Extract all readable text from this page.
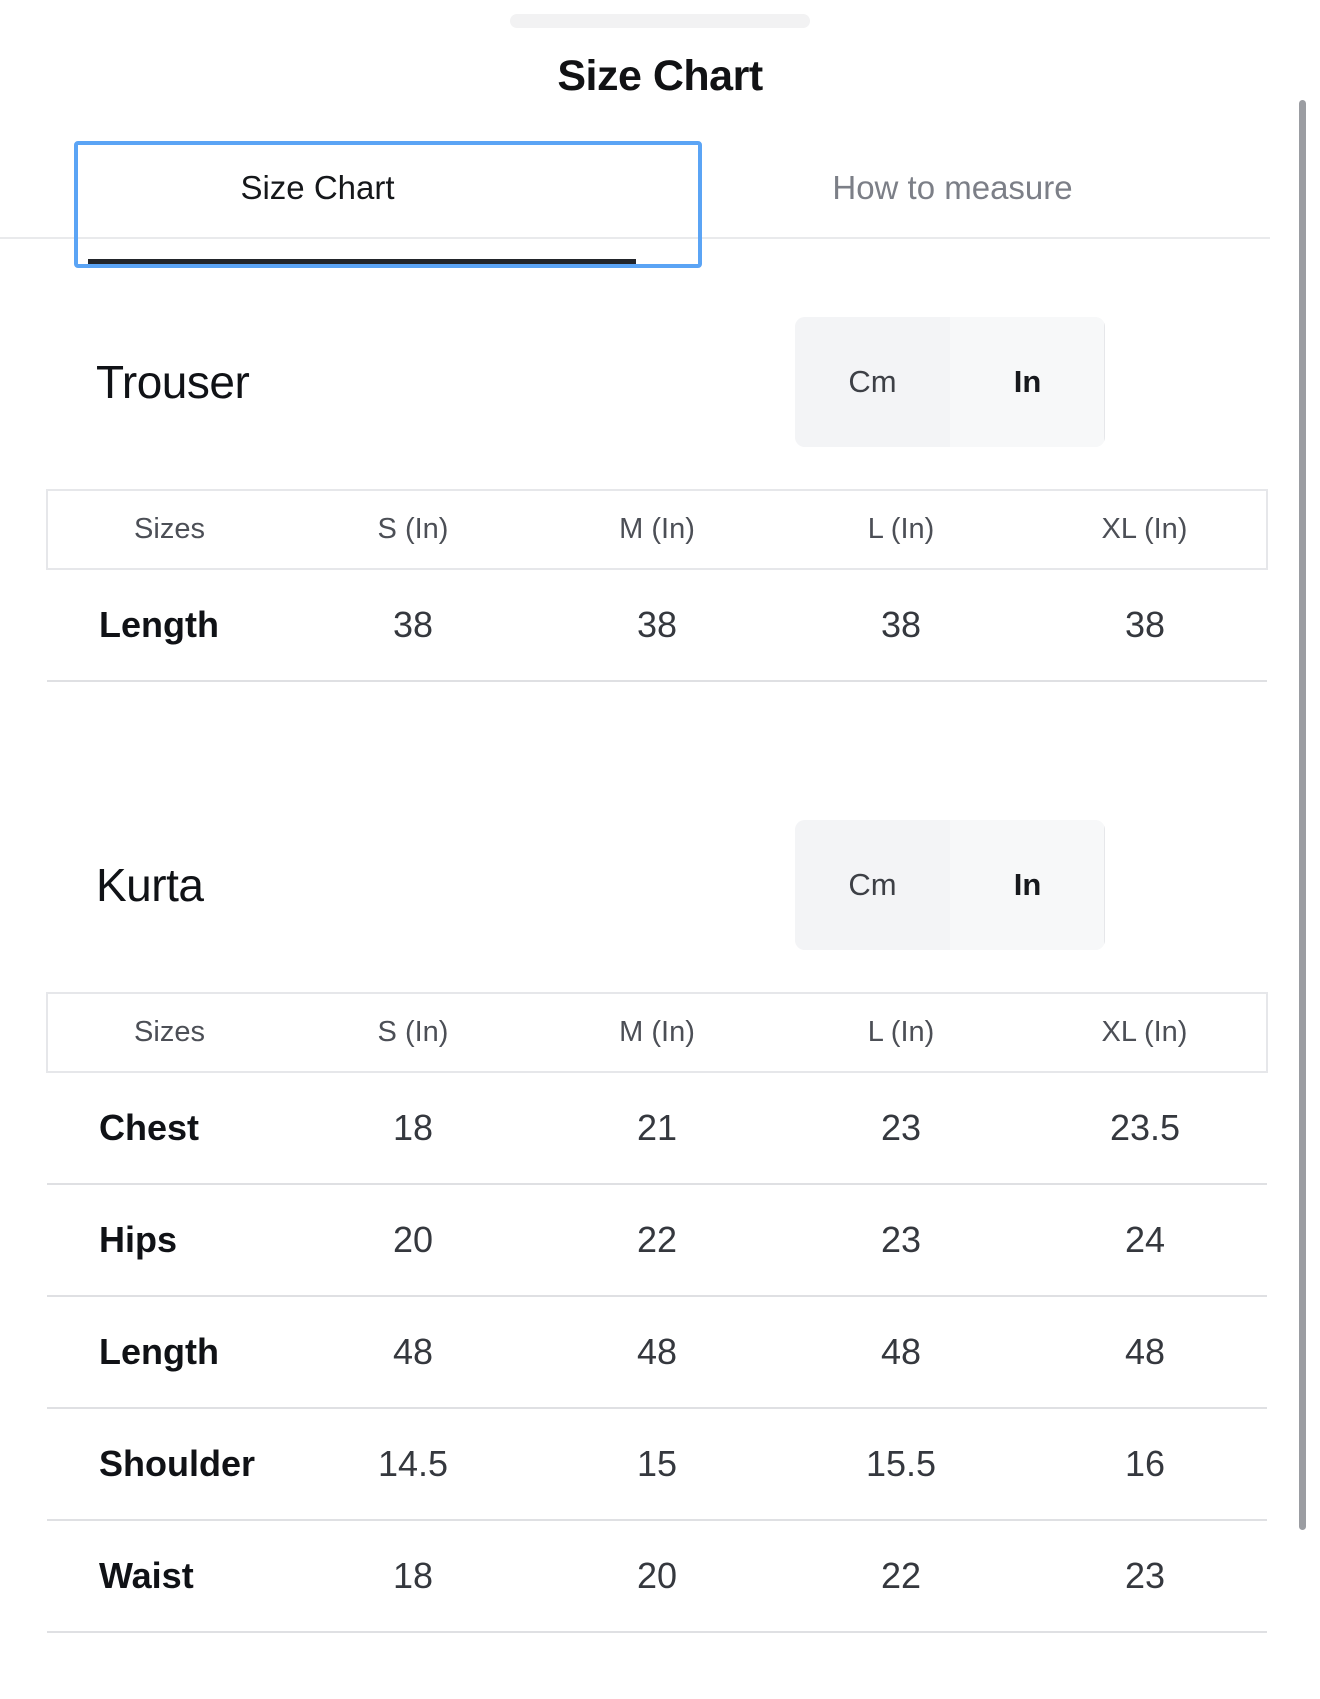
Size Chart
Size Chart	How to measure
Trouser	Cm	In
Sizes	S (In)	M (In)	L (In)	XL (In)
Length	38	38	38	38
Kurta	Cm	In
Sizes	S (In)	M (In)	L (In)	XL (In)
Chest	18	21	23	23.5
Hips	20	22	23	24
Length	48	48	48	48
Shoulder	14.5	15	15.5	16
Waist	18	20	22	23
